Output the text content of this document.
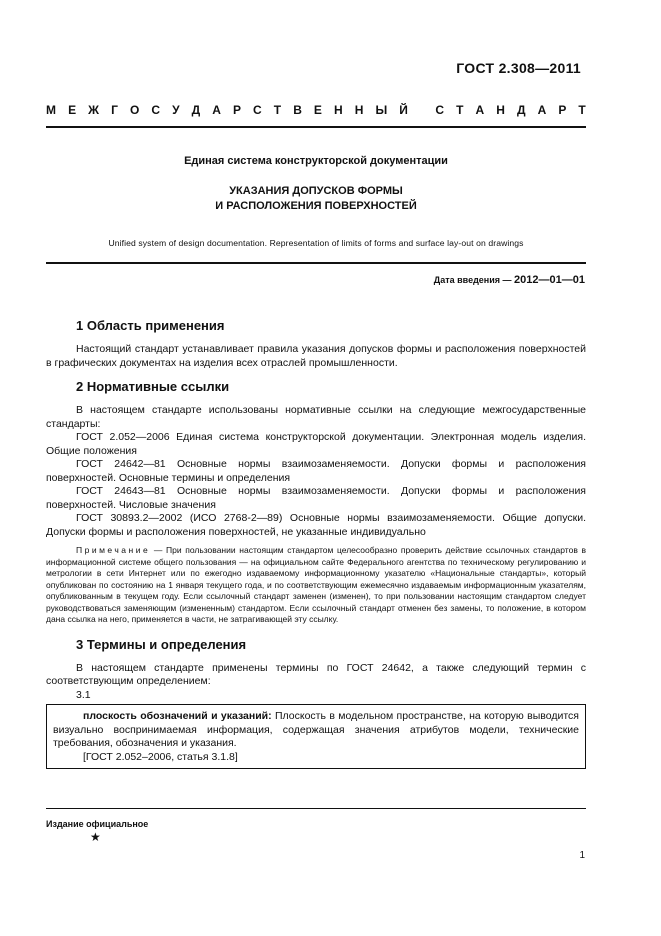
ГОСТ 2.308—2011
М Е Ж Г О С У Д А Р С Т В Е Н Н Ы Й
С Т А Н Д А Р Т
Единая система конструкторской документации
УКАЗАНИЯ ДОПУСКОВ ФОРМЫ
И РАСПОЛОЖЕНИЯ ПОВЕРХНОСТЕЙ
Unified system of design documentation. Representation of limits of forms and surface lay-out on drawings
Дата введения — 2012—01—01
1 Область применения

Настоящий стандарт устанавливает правила указания допусков формы и расположения поверхностей в графических документах на изделия всех отраслей промышленности.

2 Нормативные ссылки

В настоящем стандарте использованы нормативные ссылки на следующие межгосударственные стандарты:

ГОСТ 2.052—2006 Единая система конструкторской документации. Электронная модель изделия. Общие положения

ГОСТ 24642—81 Основные нормы взаимозаменяемости. Допуски формы и расположения поверхностей. Основные термины и определения

ГОСТ 24643—81 Основные нормы взаимозаменяемости. Допуски формы и расположения поверхностей. Числовые значения

ГОСТ 30893.2—2002 (ИСО 2768-2—89) Основные нормы взаимозаменяемости. Общие допуски. Допуски формы и расположения поверхностей, не указанные индивидуально

Примечание — При пользовании настоящим стандартом целесообразно проверить действие ссылочных стандартов в информационной системе общего пользования — на официальном сайте Федерального агентства по техническому регулированию и метрологии в сети Интернет или по ежегодно издаваемому информационному указателю «Национальные стандарты», который опубликован по состоянию на 1 января текущего года, и по соответствующим ежемесячно издаваемым информационным указателям, опубликованным в текущем году. Если ссылочный стандарт заменен (изменен), то при пользовании настоящим стандартом следует руководствоваться заменяющим (измененным) стандартом. Если ссылочный стандарт отменен без замены, то положение, в котором дана ссылка на него, применяется в части, не затрагивающей эту ссылку.

3 Термины и определения

В настоящем стандарте применены термины по ГОСТ 24642, а также следующий термин с соответствующим определением:

3.1

плоскость обозначений и указаний: Плоскость в модельном пространстве, на которую выводится визуально воспринимаемая информация, содержащая значения атрибутов модели, технические требования, обозначения и указания.

[ГОСТ 2.052–2006, статья 3.1.8]

Издание официальное
★
1
